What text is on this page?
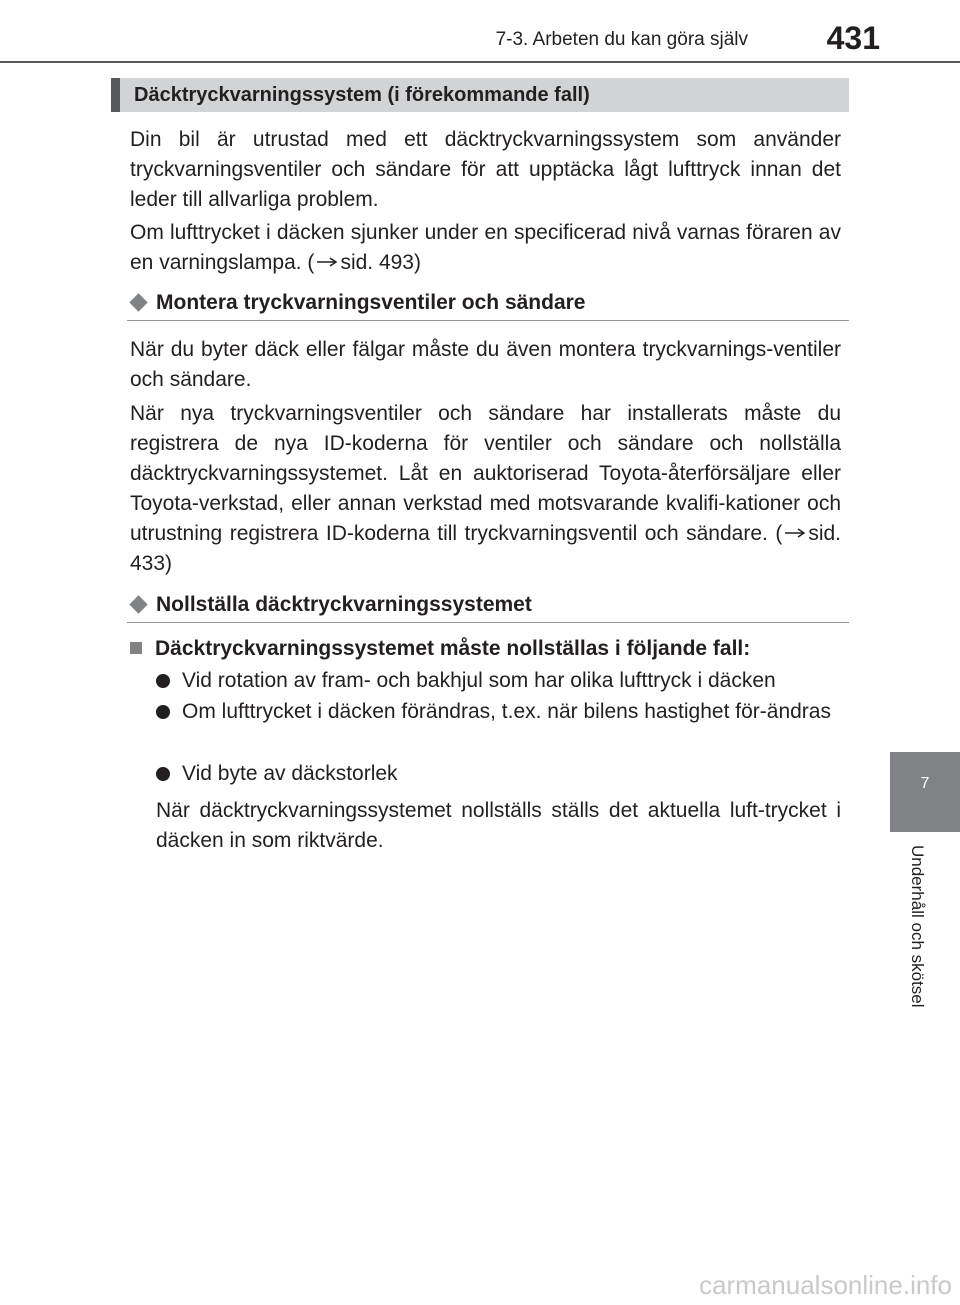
7-3. Arbeten du kan göra själv	431
Däcktryckvarningssystem (i förekommande fall)
Din bil är utrustad med ett däcktryckvarningssystem som använder tryckvarningsventiler och sändare för att upptäcka lågt lufttryck innan det leder till allvarliga problem.
Om lufttrycket i däcken sjunker under en specificerad nivå varnas föraren av en varningslampa. ( sid. 493)
Montera tryckvarningsventiler och sändare
När du byter däck eller fälgar måste du även montera tryckvarnings-ventiler och sändare.
När nya tryckvarningsventiler och sändare har installerats måste du registrera de nya ID-koderna för ventiler och sändare och nollställa däcktryckvarningssystemet. Låt en auktoriserad Toyota-återförsäljare eller Toyota-verkstad, eller annan verkstad med motsvarande kvalifi-kationer och utrustning registrera ID-koderna till tryckvarningsventil och sändare. ( sid. 433)
Nollställa däcktryckvarningssystemet
Däcktryckvarningssystemet måste nollställas i följande fall:
Vid rotation av fram- och bakhjul som har olika lufttryck i däcken
Om lufttrycket i däcken förändras, t.ex. när bilens hastighet för-ändras
Vid byte av däckstorlek
När däcktryckvarningssystemet nollställs ställs det aktuella luft-trycket i däcken in som riktvärde.
7
Underhåll och skötsel
carmanualsonline.info
